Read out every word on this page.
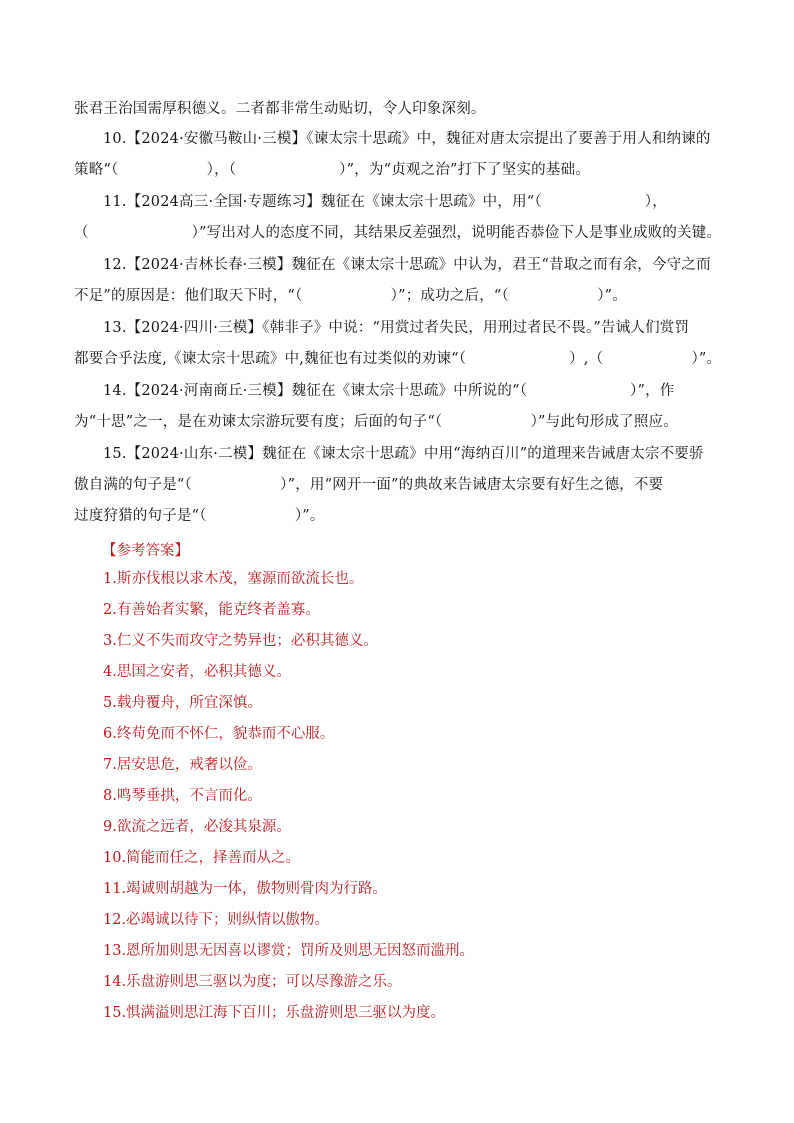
张君王治国需厚积德义。二者都非常生动贴切，令人印象深刻。
10.【2024·安徽马鞍山·三模】《谏太宗十思疏》中，魏征对唐太宗提出了要善于用人和纳谏的
策略“（　　　　　　），（　　　　　　　）”，为“贞观之治”打下了坚实的基础。
11.【2024高三·全国·专题练习】魏征在《谏太宗十思疏》中，用“（　　　　　　　），
（　　　　　　　）”写出对人的态度不同，其结果反差强烈，说明能否恭俭下人是事业成败的关键。
12.【2024·吉林长春·三模】魏征在《谏太宗十思疏》中认为，君王“昔取之而有余，今守之而
不足”的原因是：他们取天下时，“（　　　　　　）”；成功之后，“（　　　　　　）”。
13.【2024·四川·三模】《韩非子》中说：“用赏过者失民，用刑过者民不畏。”告诫人们赏罚
都要合乎法度,《谏太宗十思疏》中,魏征也有过类似的劝谏“（　　　　　　　）,（　　　　　　）”。
14.【2024·河南商丘·三模】魏征在《谏太宗十思疏》中所说的“（　　　　　　　）”，作
为“十思”之一，是在劝谏太宗游玩要有度；后面的句子“（　　　　　　）”与此句形成了照应。
15.【2024·山东·二模】魏征在《谏太宗十思疏》中用“海纳百川”的道理来告诫唐太宗不要骄
傲自满的句子是“（　　　　　　）”，用“网开一面”的典故来告诫唐太宗要有好生之德，不要
过度狩猎的句子是“（　　　　　　）”。
【参考答案】
1.斯亦伐根以求木茂，塞源而欲流长也。
2.有善始者实繁，能克终者盖寡。
3.仁义不失而攻守之势异也；必积其德义。
4.思国之安者，必积其德义。
5.载舟覆舟，所宜深慎。
6.终苟免而不怀仁，貌恭而不心服。
7.居安思危，戒奢以俭。
8.鸣琴垂拱，不言而化。
9.欲流之远者，必浚其泉源。
10.简能而任之，择善而从之。
11.竭诚则胡越为一体，傲物则骨肉为行路。
12.必竭诚以待下；则纵情以傲物。
13.恩所加则思无因喜以谬赏；罚所及则思无因怒而滥刑。
14.乐盘游则思三驱以为度；可以尽豫游之乐。
15.惧满溢则思江海下百川；乐盘游则思三驱以为度。
